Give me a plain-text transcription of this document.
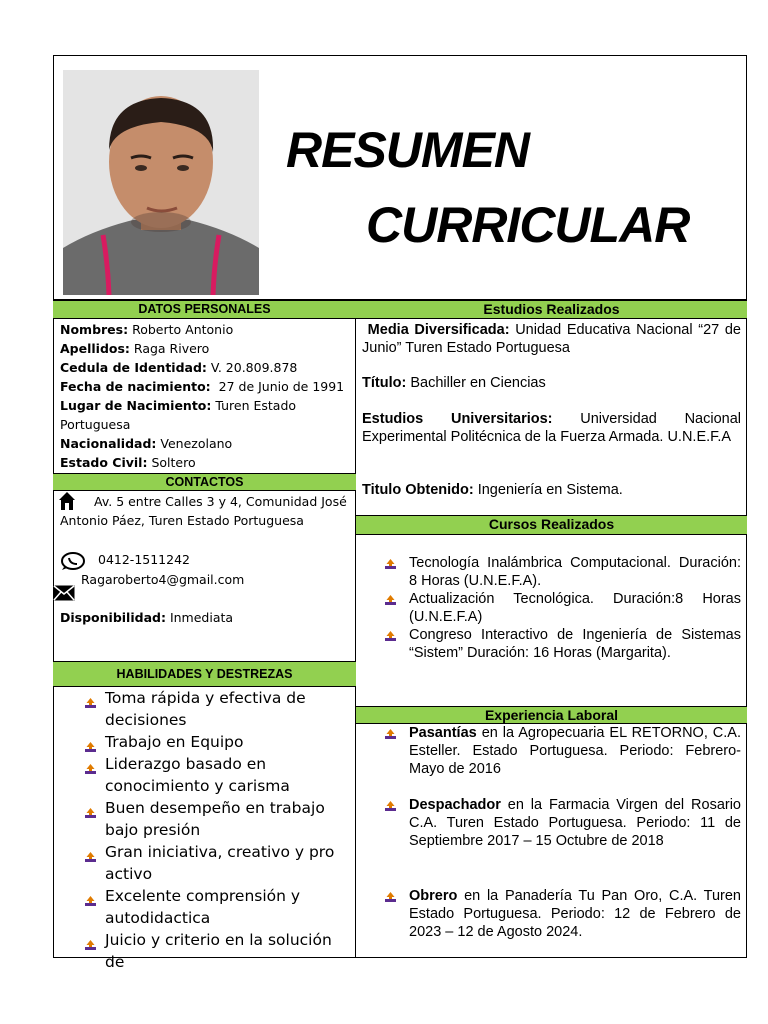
RESUMEN
CURRICULAR
DATOS PERSONALES
Nombres: Roberto Antonio
Apellidos: Raga Rivero
Cedula de Identidad: V. 20.809.878
Fecha de nacimiento: 27 de Junio de 1991
Lugar de Nacimiento: Turen Estado
Portuguesa
Nacionalidad: Venezolano
Estado Civil: Soltero
CONTACTOS
Av. 5 entre Calles 3 y 4, Comunidad José
Antonio Páez, Turen Estado Portuguesa
0412-1511242
Ragaroberto4@gmail.com
Disponibilidad: Inmediata
HABILIDADES Y DESTREZAS
Toma rápida y efectiva de decisiones
Trabajo en Equipo
Liderazgo basado en conocimiento y carisma
Buen desempeño en trabajo bajo presión
Gran iniciativa, creativo y pro activo
Excelente comprensión y autodidactica
Juicio y criterio en la solución de
Estudios Realizados
Media Diversificada: Unidad Educativa Nacional “27 de Junio” Turen Estado Portuguesa
Título: Bachiller en Ciencias
Estudios Universitarios: Universidad Nacional Experimental Politécnica de la Fuerza Armada. U.N.E.F.A
Titulo Obtenido: Ingeniería en Sistema.
Cursos Realizados
Tecnología Inalámbrica Computacional. Duración: 8 Horas (U.N.E.F.A).
Actualización Tecnológica. Duración:8 Horas (U.N.E.F.A)
Congreso Interactivo de Ingeniería de Sistemas “Sistem” Duración: 16 Horas (Margarita).
Experiencia Laboral
Pasantías en la Agropecuaria EL RETORNO, C.A. Esteller. Estado Portuguesa. Periodo: Febrero- Mayo de 2016
Despachador en la Farmacia Virgen del Rosario C.A. Turen Estado Portuguesa. Periodo: 11 de Septiembre 2017 – 15 Octubre de 2018
Obrero en la Panadería Tu Pan Oro, C.A. Turen Estado Portuguesa. Periodo: 12 de Febrero de 2023 – 12 de Agosto 2024.
